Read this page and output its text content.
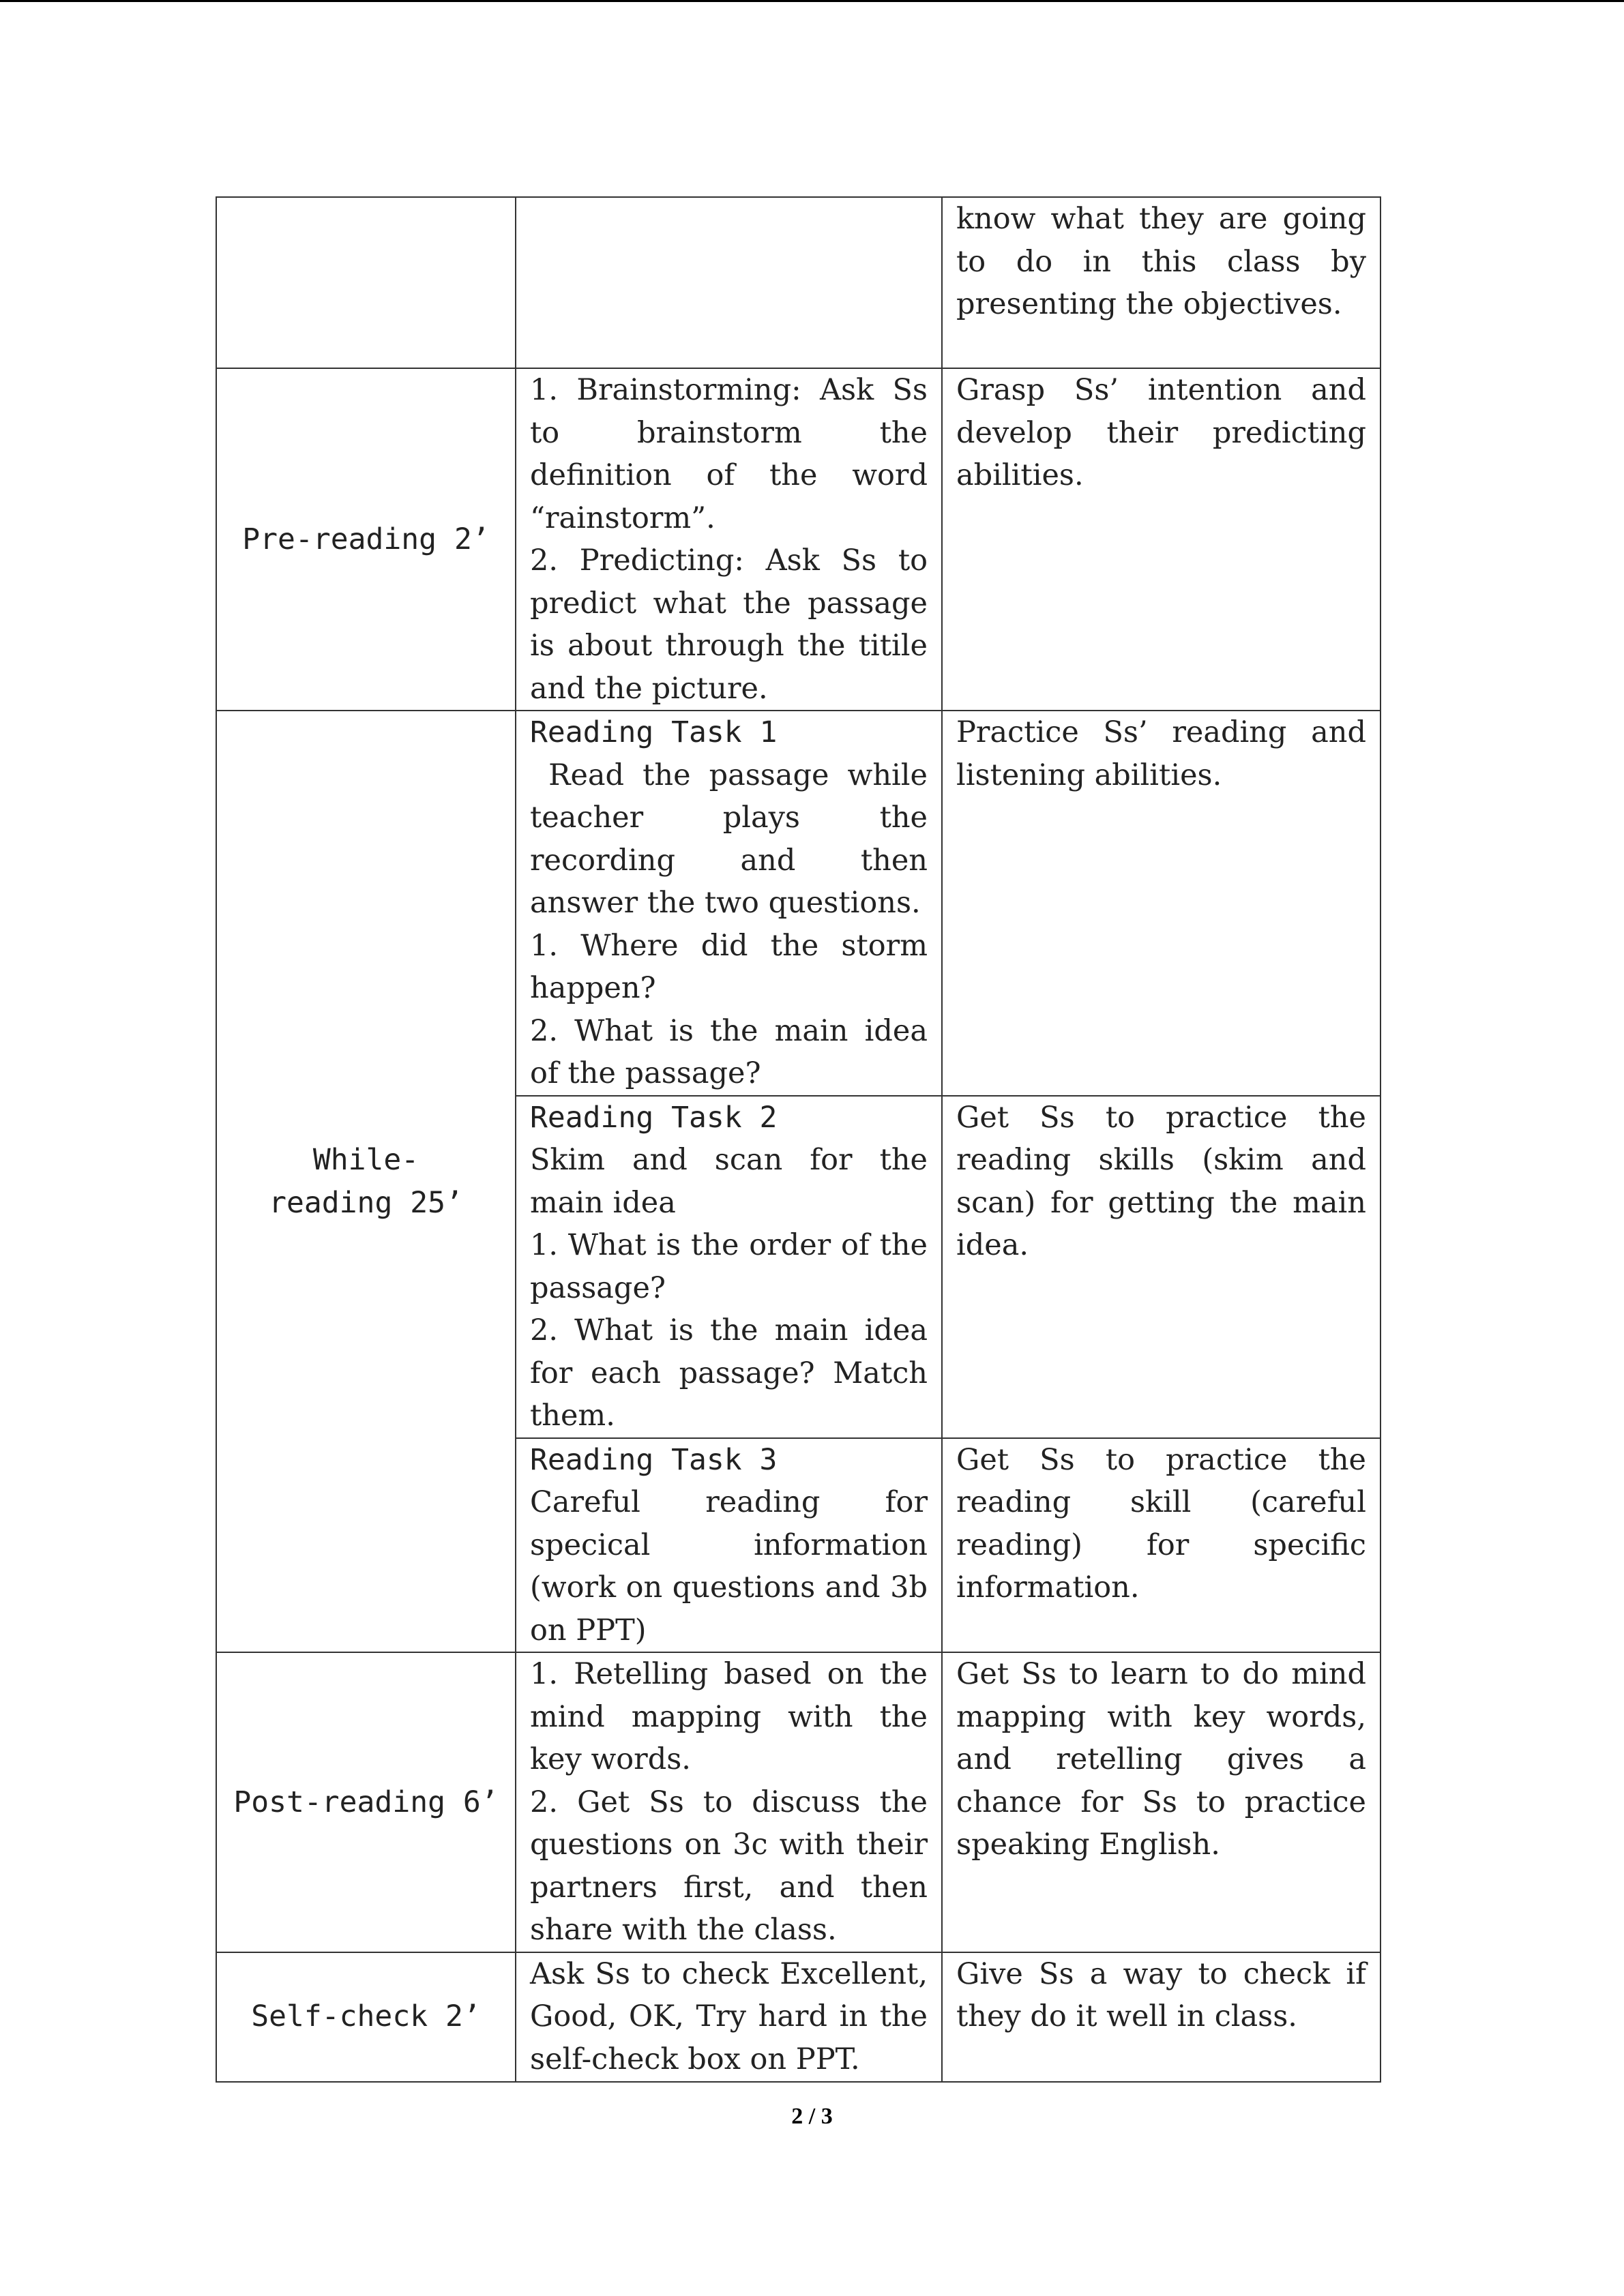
		know what they are going to do in this class by presenting the objectives.
Pre-reading 2’	1. Brainstorming: Ask Ss to brainstorm the definition of the word “rainstorm”.
2. Predicting: Ask Ss to predict what the passage is about through the titile and the picture.	Grasp Ss’ intention and develop their predicting abilities.
While-reading 25’	Reading Task 1
Read the passage while teacher plays the recording and then answer the two questions.
1. Where did the storm happen?
2. What is the main idea of the passage?	Practice Ss’ reading and listening abilities.

	Reading Task 2
Skim and scan for the main idea
1. What is the order of the passage?
2. What is the main idea for each passage? Match them.	Get Ss to practice the reading skills (skim and scan) for getting the main idea.

	Reading Task 3
Careful reading for specical information (work on questions and 3b on PPT)	Get Ss to practice the reading skill (careful reading) for specific information.
Post-reading 6’	1. Retelling based on the mind mapping with the key words.
2. Get Ss to discuss the questions on 3c with their partners first, and then share with the class.	Get Ss to learn to do mind mapping with key words, and retelling gives a chance for Ss to practice speaking English.
Self-check 2’	Ask Ss to check Excellent, Good, OK, Try hard in the self-check box on PPT.	Give Ss a way to check if they do it well in class.
2 / 3
